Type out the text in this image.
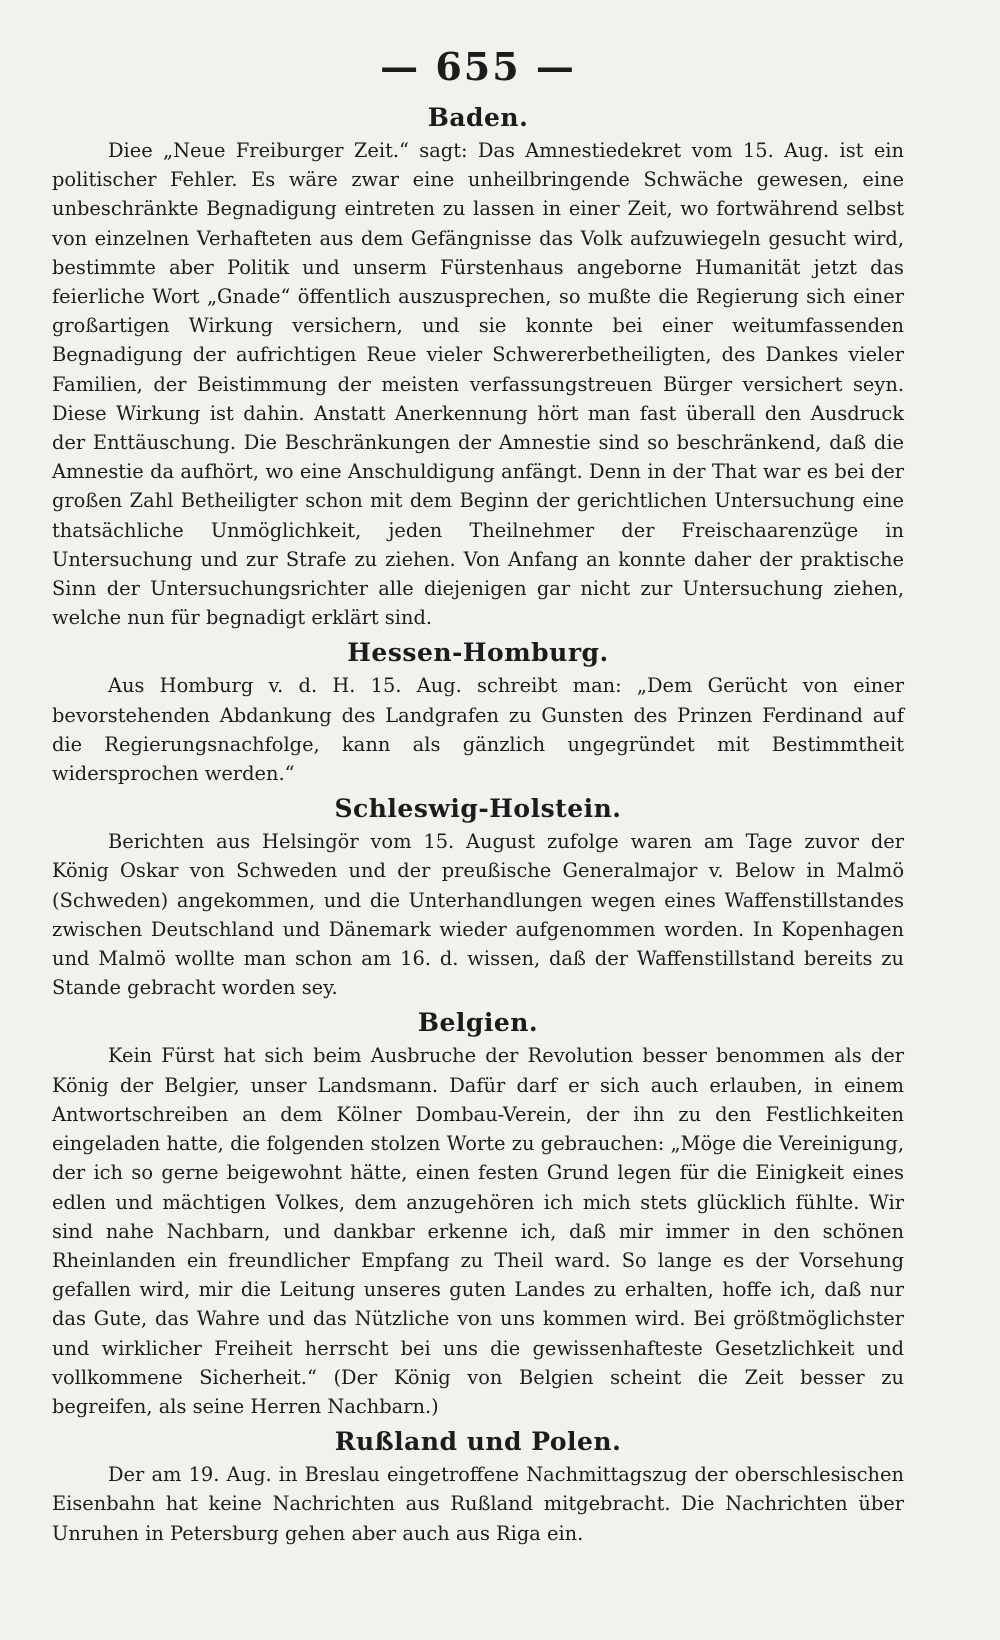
— 655 —
Baden.

Diee „Neue Freiburger Zeit.“ sagt: Das Amnestiedekret vom 15. Aug. ist ein politischer Fehler. Es wäre zwar eine unheilbringende Schwäche gewesen, eine unbeschränkte Begnadigung eintreten zu lassen in einer Zeit, wo fortwährend selbst von einzelnen Verhafteten aus dem Gefängnisse das Volk aufzuwiegeln gesucht wird, bestimmte aber Politik und unserm Fürstenhaus angeborne Humanität jetzt das feierliche Wort „Gnade“ öffentlich auszusprechen, so mußte die Regierung sich einer großartigen Wirkung versichern, und sie konnte bei einer weitumfassenden Begnadigung der aufrichtigen Reue vieler Schwererbetheiligten, des Dankes vieler Familien, der Beistimmung der meisten verfassungstreuen Bürger versichert seyn. Diese Wirkung ist dahin. Anstatt Anerkennung hört man fast überall den Ausdruck der Enttäuschung. Die Beschränkungen der Amnestie sind so beschränkend, daß die Amnestie da aufhört, wo eine Anschuldigung anfängt. Denn in der That war es bei der großen Zahl Betheiligter schon mit dem Beginn der gerichtlichen Untersuchung eine thatsächliche Unmöglichkeit, jeden Theilnehmer der Freischaarenzüge in Untersuchung und zur Strafe zu ziehen. Von Anfang an konnte daher der praktische Sinn der Untersuchungsrichter alle diejenigen gar nicht zur Untersuchung ziehen, welche nun für begnadigt erklärt sind.

Hessen-Homburg.

Aus Homburg v. d. H. 15. Aug. schreibt man: „Dem Gerücht von einer bevorstehenden Abdankung des Landgrafen zu Gunsten des Prinzen Ferdinand auf die Regierungsnachfolge, kann als gänzlich ungegründet mit Bestimmtheit widersprochen werden.“

Schleswig-Holstein.

Berichten aus Helsingör vom 15. August zufolge waren am Tage zuvor der König Oskar von Schweden und der preußische Generalmajor v. Below in Malmö (Schweden) angekommen, und die Unterhandlungen wegen eines Waffenstillstandes zwischen Deutschland und Dänemark wieder aufgenommen worden. In Kopenhagen und Malmö wollte man schon am 16. d. wissen, daß der Waffenstillstand bereits zu Stande gebracht worden sey.

Belgien.

Kein Fürst hat sich beim Ausbruche der Revolution besser benommen als der König der Belgier, unser Landsmann. Dafür darf er sich auch erlauben, in einem Antwortschreiben an dem Kölner Dombau-Verein, der ihn zu den Festlichkeiten eingeladen hatte, die folgenden stolzen Worte zu gebrauchen: „Möge die Vereinigung, der ich so gerne beigewohnt hätte, einen festen Grund legen für die Einigkeit eines edlen und mächtigen Volkes, dem anzugehören ich mich stets glücklich fühlte. Wir sind nahe Nachbarn, und dankbar erkenne ich, daß mir immer in den schönen Rheinlanden ein freundlicher Empfang zu Theil ward. So lange es der Vorsehung gefallen wird, mir die Leitung unseres guten Landes zu erhalten, hoffe ich, daß nur das Gute, das Wahre und das Nützliche von uns kommen wird. Bei größtmöglichster und wirklicher Freiheit herrscht bei uns die gewissenhafteste Gesetzlichkeit und vollkommene Sicherheit.“ (Der König von Belgien scheint die Zeit besser zu begreifen, als seine Herren Nachbarn.)

Rußland und Polen.

Der am 19. Aug. in Breslau eingetroffene Nachmittagszug der oberschlesischen Eisenbahn hat keine Nachrichten aus Rußland mitgebracht. Die Nachrichten über Unruhen in Petersburg gehen aber auch aus Riga ein.
